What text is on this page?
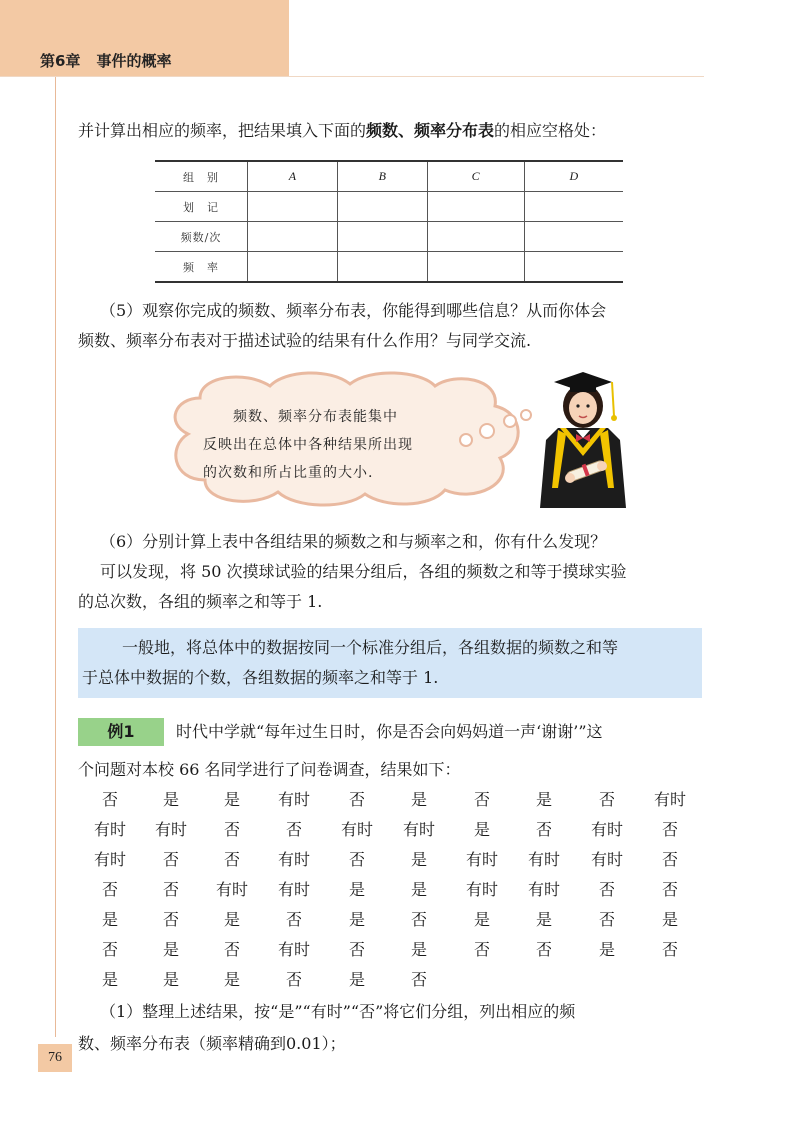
第6章 事件的概率
并计算出相应的频率，把结果填入下面的频数、频率分布表的相应空格处：
组　别	A	B	C	D
划　记				
频数/次				
频　率				
（5）观察你完成的频数、频率分布表，你能得到哪些信息？从而你体会
频数、频率分布表对于描述试验的结果有什么作用？与同学交流.
频数、频率分布表能集中
反映出在总体中各种结果所出现
的次数和所占比重的大小.
（6）分别计算上表中各组结果的频数之和与频率之和，你有什么发现？
可以发现，将 50 次摸球试验的结果分组后，各组的频数之和等于摸球实验
的总次数，各组的频率之和等于 1.
一般地，将总体中的数据按同一个标准分组后，各组数据的频数之和等
于总体中数据的个数，各组数据的频率之和等于 1.
例1	时代中学就“每年过生日时，你是否会向妈妈道一声‘谢谢’”这
个问题对本校 66 名同学进行了问卷调查，结果如下：
否	是	是	有时	否	是	否	是	否	有时
有时	有时	否	否	有时	有时	是	否	有时	否
有时	否	否	有时	否	是	有时	有时	有时	否
否	否	有时	有时	是	是	有时	有时	否	否
是	否	是	否	是	否	是	是	否	是
否	是	否	有时	否	是	否	否	是	否
是	是	是	否	是	否
（1）整理上述结果，按“是”“有时”“否”将它们分组，列出相应的频
数、频率分布表（频率精确到0.01）；
76
